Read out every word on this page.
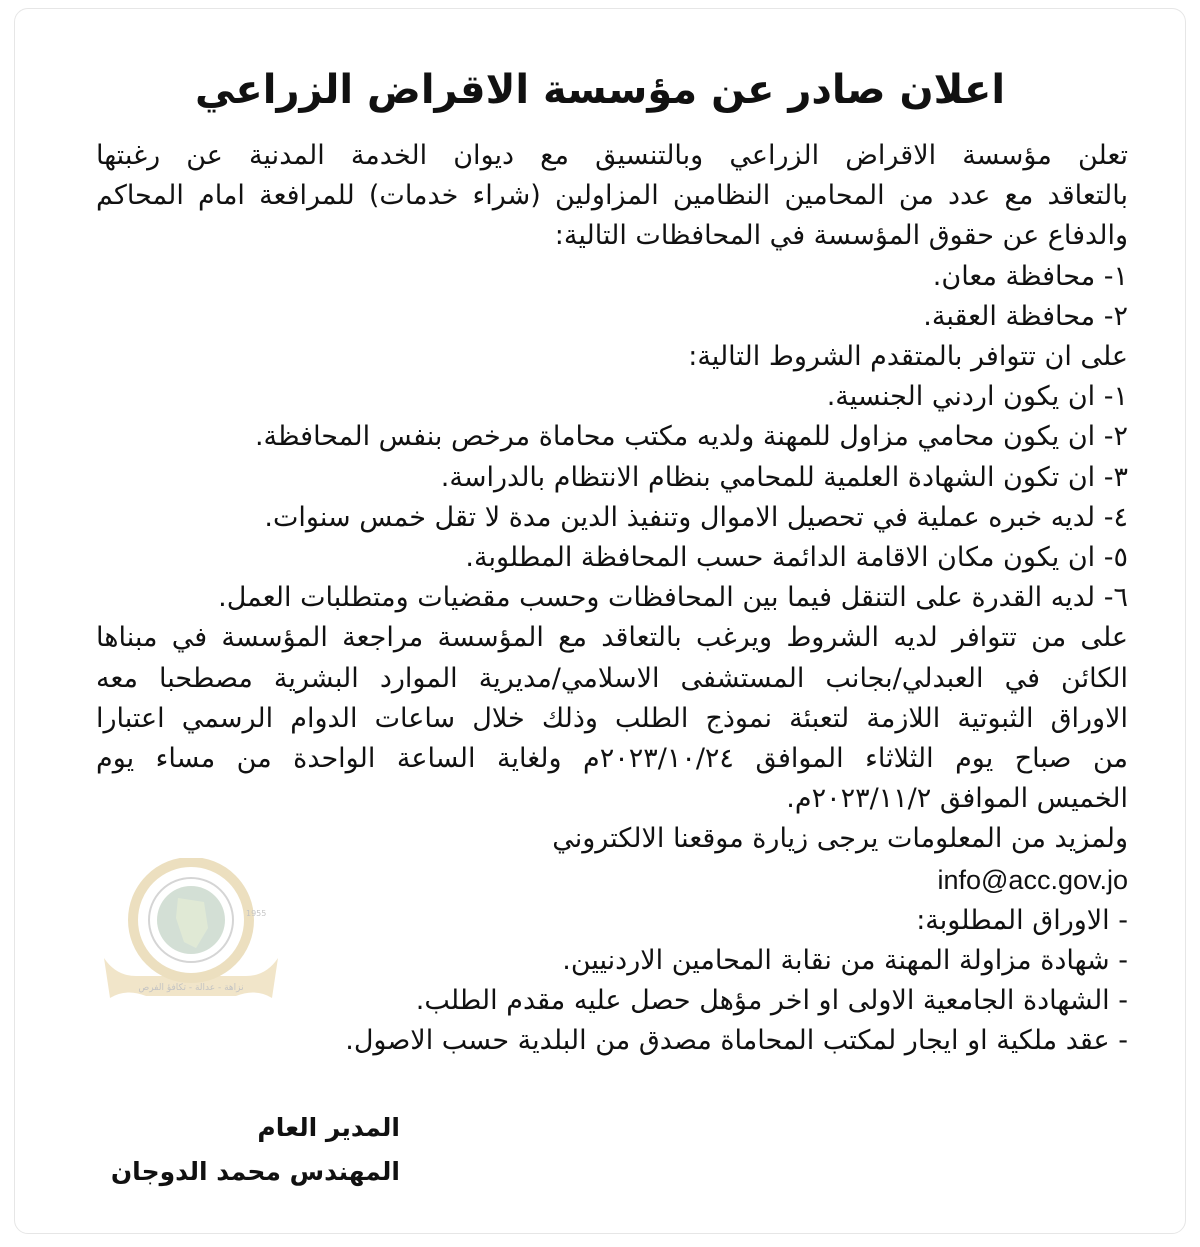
اعلان صادر عن مؤسسة الاقراض الزراعي
تعلن مؤسسة الاقراض الزراعي وبالتنسيق مع ديوان الخدمة المدنية عن رغبتها
بالتعاقد مع عدد من المحامين النظامين المزاولين (شراء خدمات) للمرافعة امام المحاكم
والدفاع عن حقوق المؤسسة في المحافظات التالية:
١- محافظة معان.
٢- محافظة العقبة.
على ان تتوافر بالمتقدم الشروط التالية:
١- ان يكون اردني الجنسية.
٢- ان يكون محامي مزاول للمهنة ولديه مكتب محاماة مرخص بنفس المحافظة.
٣- ان تكون الشهادة العلمية للمحامي بنظام الانتظام بالدراسة.
٤- لديه خبره عملية في تحصيل الاموال وتنفيذ الدين مدة لا تقل خمس سنوات.
٥- ان يكون مكان الاقامة الدائمة حسب المحافظة المطلوبة.
٦- لديه القدرة على التنقل فيما بين المحافظات وحسب مقضيات ومتطلبات العمل.
على من تتوافر لديه الشروط ويرغب بالتعاقد مع المؤسسة مراجعة المؤسسة في مبناها
الكائن في العبدلي/بجانب المستشفى الاسلامي/مديرية الموارد البشرية مصطحبا معه
الاوراق الثبوتية اللازمة لتعبئة نموذج الطلب وذلك خلال ساعات الدوام الرسمي اعتبارا
من صباح يوم الثلاثاء الموافق ٢٠٢٣/١٠/٢٤م ولغاية الساعة الواحدة من مساء يوم
الخميس الموافق ٢٠٢٣/١١/٢م.
ولمزيد من المعلومات يرجى زيارة موقعنا الالكتروني
info@acc.gov.jo
- الاوراق المطلوبة:
- شهادة مزاولة المهنة من نقابة المحامين الاردنيين.
- الشهادة الجامعية الاولى او اخر مؤهل حصل عليه مقدم الطلب.
- عقد ملكية او ايجار لمكتب المحاماة مصدق من البلدية حسب الاصول.
1955
نزاهة - عدالة - تكافؤ الفرص
المدير العام
المهندس محمد الدوجان
